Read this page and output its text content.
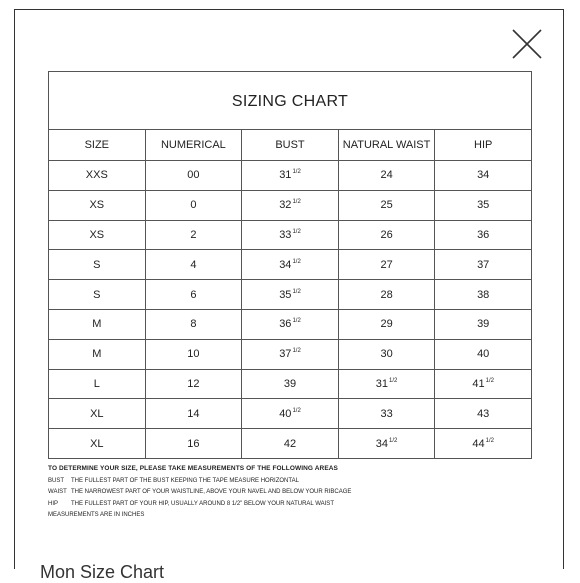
SIZING CHART				
SIZE	NUMERICAL	BUST	NATURAL WAIST	HIP
XXS	00	$31^{1/2}$	24	34
XS	0	$32^{1/2}$	25	35
XS	2	$33^{1/2}$	26	36
S	4	$34^{1/2}$	27	37
S	6	$35^{1/2}$	28	38
M	8	$36^{1/2}$	29	39
M	10	$37^{1/2}$	30	40
L	12	39	$31^{1/2}$	$41^{1/2}$
XL	14	$40^{1/2}$	33	43
XL	16	42	$34^{1/2}$	$44^{1/2}$
TO DETERMINE YOUR SIZE, PLEASE TAKE MEASUREMENTS OF THE FOLLOWING AREAS
BUST	THE FULLEST PART OF THE BUST KEEPING THE TAPE MEASURE HORIZONTAL
WAIST THE NARROWEST PART OF YOUR WAISTLINE, ABOVE YOUR NAVEL AND BELOW YOUR RIBCAGE
HIP	THE FULLEST PART OF YOUR HIP, USUALLY AROUND 8 1/2" BELOW YOUR NATURAL WAIST
MEASUREMENTS ARE IN INCHES
Mon Size Chart
